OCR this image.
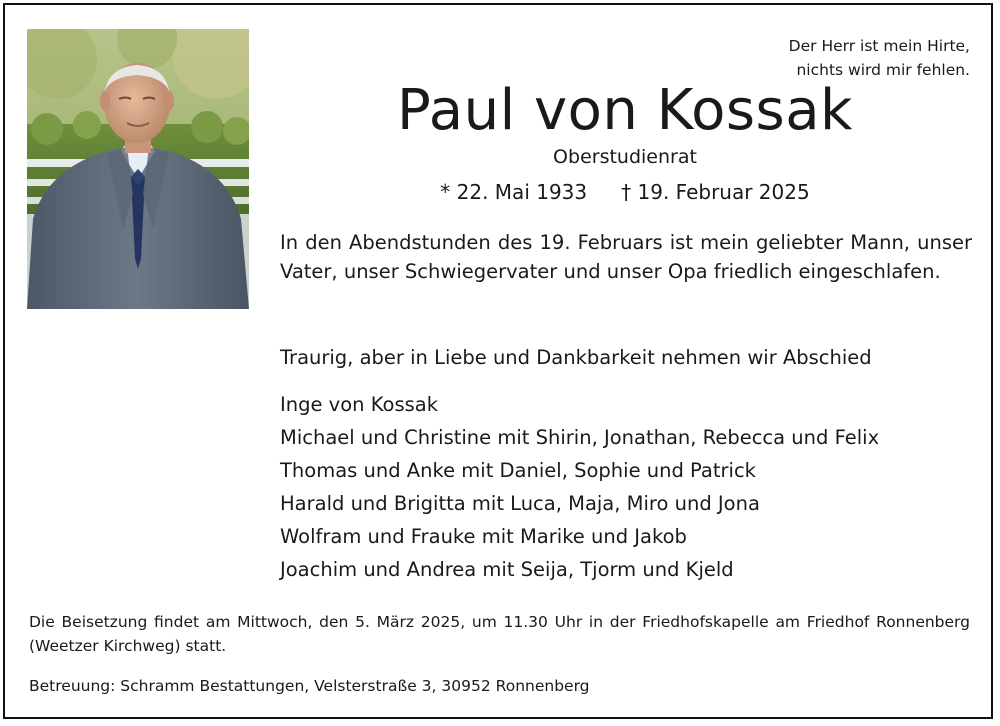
Der Herr ist mein Hirte,
nichts wird mir fehlen.
Paul von Kossak
Oberstudienrat
* 22. Mai 1933 † 19. Februar 2025
In den Abendstunden des 19. Februars ist mein geliebter Mann, unser Vater, unser Schwiegervater und unser Opa friedlich eingeschlafen.
Traurig, aber in Liebe und Dankbarkeit nehmen wir Abschied
Inge von Kossak
Michael und Christine mit Shirin, Jonathan, Rebecca und Felix
Thomas und Anke mit Daniel, Sophie und Patrick
Harald und Brigitta mit Luca, Maja, Miro und Jona
Wolfram und Frauke mit Marike und Jakob
Joachim und Andrea mit Seija, Tjorm und Kjeld
Die Beisetzung findet am Mittwoch, den 5. März 2025, um 11.30 Uhr in der Friedhofskapelle am Friedhof Ronnenberg (Weetzer Kirchweg) statt.
Betreuung: Schramm Bestattungen, Velsterstraße 3, 30952 Ronnenberg
